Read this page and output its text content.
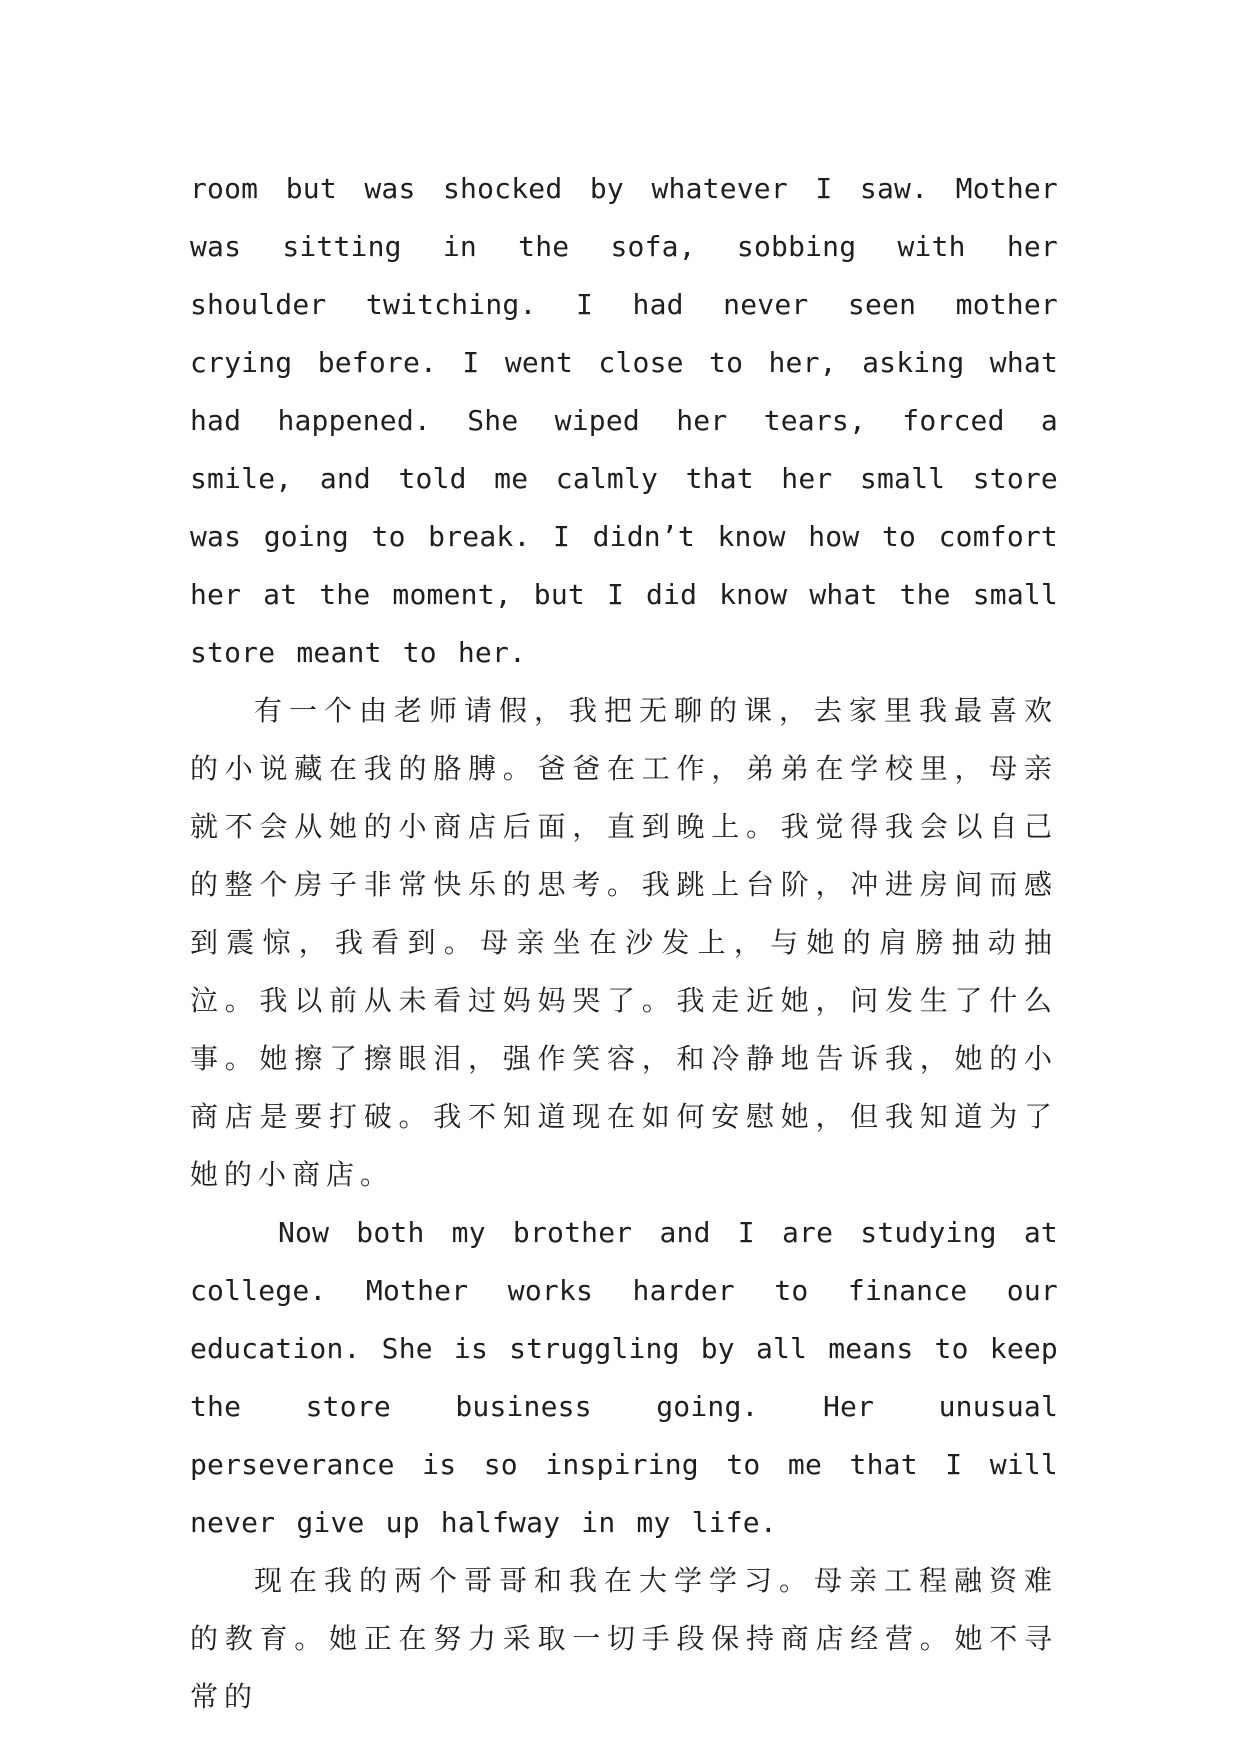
room but was shocked by whatever I saw. Mother was sitting in the sofa, sobbing with her shoulder twitching. I had never seen mother crying before. I went close to her, asking what had happened. She wiped her tears, forced a smile, and told me calmly that her small store was going to break. I didn’t know how to comfort her at the moment, but I did know what the small store meant to her.

有一个由老师请假，我把无聊的课，去家里我最喜欢的小说藏在我的胳膊。爸爸在工作，弟弟在学校里，母亲就不会从她的小商店后面，直到晚上。我觉得我会以自己的整个房子非常快乐的思考。我跳上台阶，冲进房间而感到震惊，我看到。母亲坐在沙发上，与她的肩膀抽动抽泣。我以前从未看过妈妈哭了。我走近她，问发生了什么事。她擦了擦眼泪，强作笑容，和冷静地告诉我，她的小商店是要打破。我不知道现在如何安慰她，但我知道为了她的小商店。

Now both my brother and I are studying at college. Mother works harder to finance our education. She is struggling by all means to keep the store business going. Her unusual perseverance is so inspiring to me that I will never give up halfway in my life.

现在我的两个哥哥和我在大学学习。母亲工程融资难的教育。她正在努力采取一切手段保持商店经营。她不寻常的
